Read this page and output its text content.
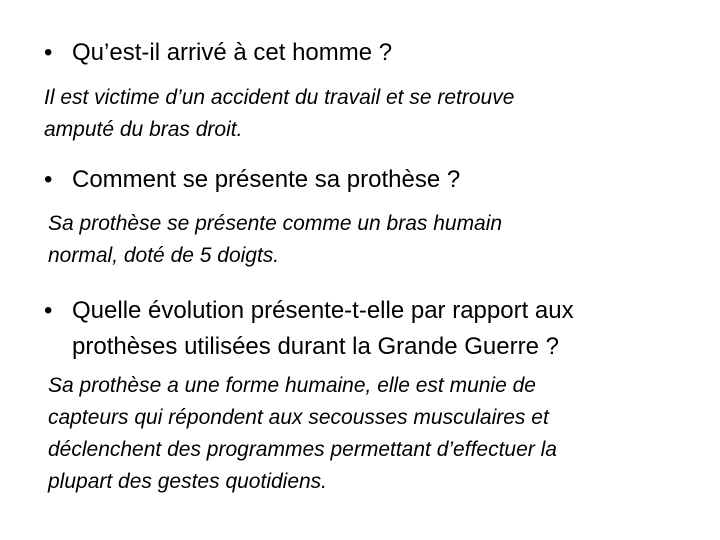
• Qu’est-il arrivé à cet homme ?

Il est victime d’un accident du travail et se retrouve
amputé du bras droit.

• Comment se présente sa prothèse ?

Sa prothèse se présente comme un bras humain
normal, doté de 5 doigts.

• Quelle évolution présente-t-elle par rapport aux
prothèses utilisées durant la Grande Guerre ?

Sa prothèse a une forme humaine, elle est munie de
capteurs qui répondent aux secousses musculaires et
déclenchent des programmes permettant d’effectuer la
plupart des gestes quotidiens.
